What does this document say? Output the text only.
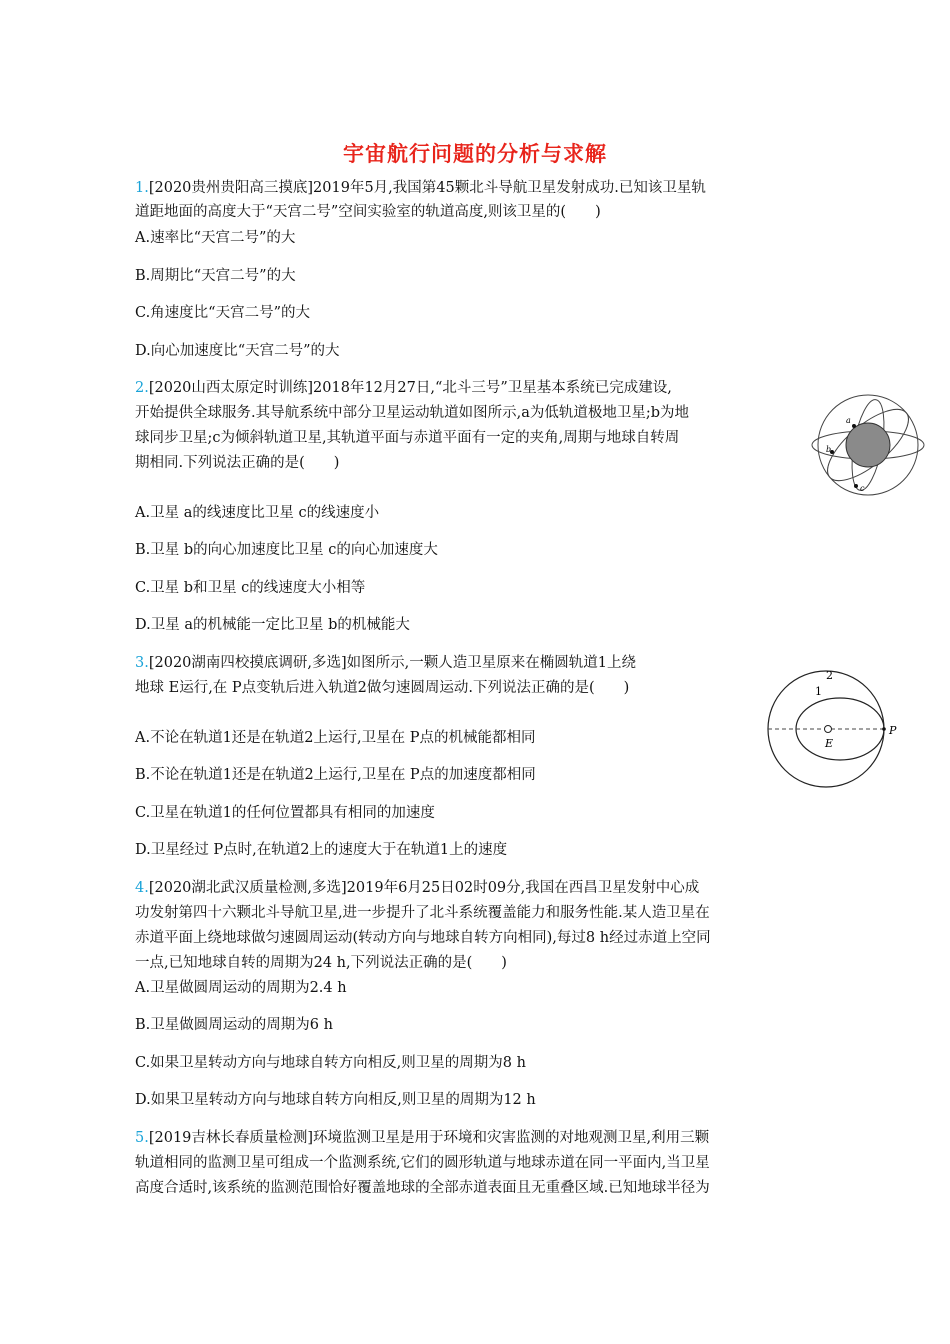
宇宙航行问题的分析与求解
1.[2020贵州贵阳高三摸底]2019年5月,我国第45颗北斗导航卫星发射成功.已知该卫星轨
道距地面的高度大于“天宫二号”空间实验室的轨道高度,则该卫星的(　　)
A.速率比“天宫二号”的大
B.周期比“天宫二号”的大
C.角速度比“天宫二号”的大
D.向心加速度比“天宫二号”的大
2.[2020山西太原定时训练]2018年12月27日,“北斗三号”卫星基本系统已完成建设,
开始提供全球服务.其导航系统中部分卫星运动轨道如图所示,a为低轨道极地卫星;b为地
球同步卫星;c为倾斜轨道卫星,其轨道平面与赤道平面有一定的夹角,周期与地球自转周
期相同.下列说法正确的是(　　)
a
b
c
A.卫星 a的线速度比卫星 c的线速度小
B.卫星 b的向心加速度比卫星 c的向心加速度大
C.卫星 b和卫星 c的线速度大小相等
D.卫星 a的机械能一定比卫星 b的机械能大
3.[2020湖南四校摸底调研,多选]如图所示,一颗人造卫星原来在椭圆轨道1上绕
地球 E运行,在 P点变轨后进入轨道2做匀速圆周运动.下列说法正确的是(　　)
E
P
1
2
A.不论在轨道1还是在轨道2上运行,卫星在 P点的机械能都相同
B.不论在轨道1还是在轨道2上运行,卫星在 P点的加速度都相同
C.卫星在轨道1的任何位置都具有相同的加速度
D.卫星经过 P点时,在轨道2上的速度大于在轨道1上的速度
4.[2020湖北武汉质量检测,多选]2019年6月25日02时09分,我国在西昌卫星发射中心成
功发射第四十六颗北斗导航卫星,进一步提升了北斗系统覆盖能力和服务性能.某人造卫星在
赤道平面上绕地球做匀速圆周运动(转动方向与地球自转方向相同),每过8 h经过赤道上空同
一点,已知地球自转的周期为24 h,下列说法正确的是(　　)
A.卫星做圆周运动的周期为2.4 h
B.卫星做圆周运动的周期为6 h
C.如果卫星转动方向与地球自转方向相反,则卫星的周期为8 h
D.如果卫星转动方向与地球自转方向相反,则卫星的周期为12 h
5.[2019吉林长春质量检测]环境监测卫星是用于环境和灾害监测的对地观测卫星,利用三颗
轨道相同的监测卫星可组成一个监测系统,它们的圆形轨道与地球赤道在同一平面内,当卫星
高度合适时,该系统的监测范围恰好覆盖地球的全部赤道表面且无重叠区域.已知地球半径为
